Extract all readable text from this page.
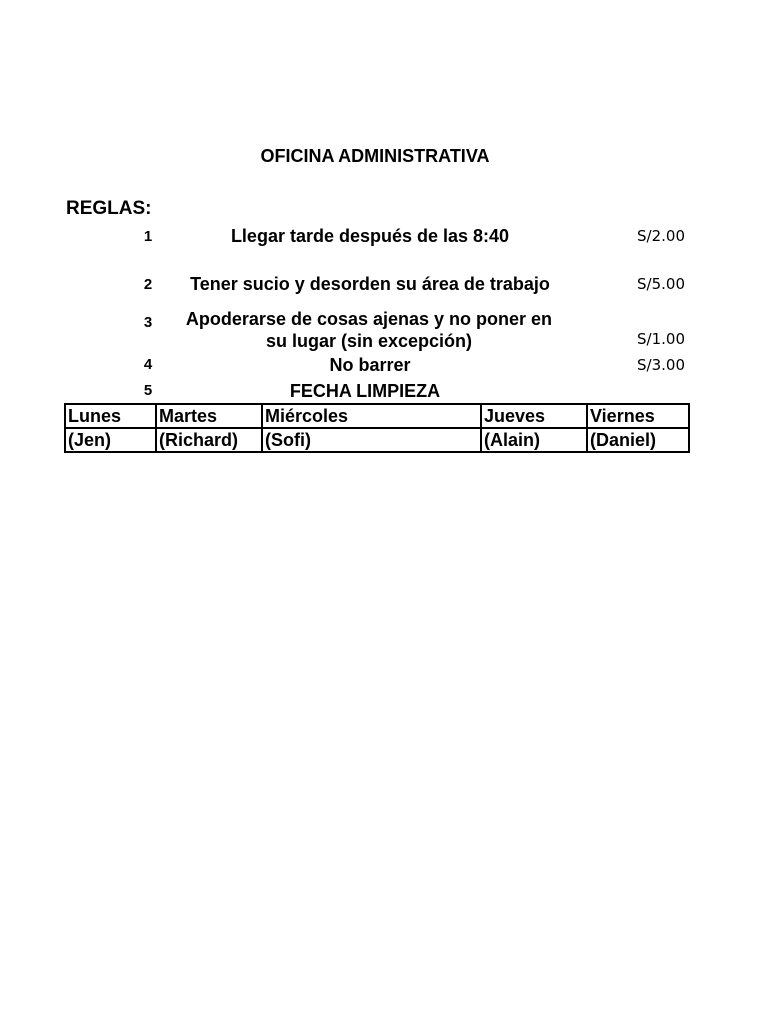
OFICINA ADMINISTRATIVA
REGLAS:
1	Llegar tarde después de las 8:40	S/2.00
2	Tener sucio y desorden su área de trabajo	S/5.00
3	Apoderarse de cosas ajenas y no poner en
su lugar (sin excepción)	S/1.00
4	No barrer	S/3.00
5	FECHA LIMPIEZA
Lunes	Martes	Miércoles	Jueves	Viernes
(Jen)	(Richard)	(Sofi)	(Alain)	(Daniel)
